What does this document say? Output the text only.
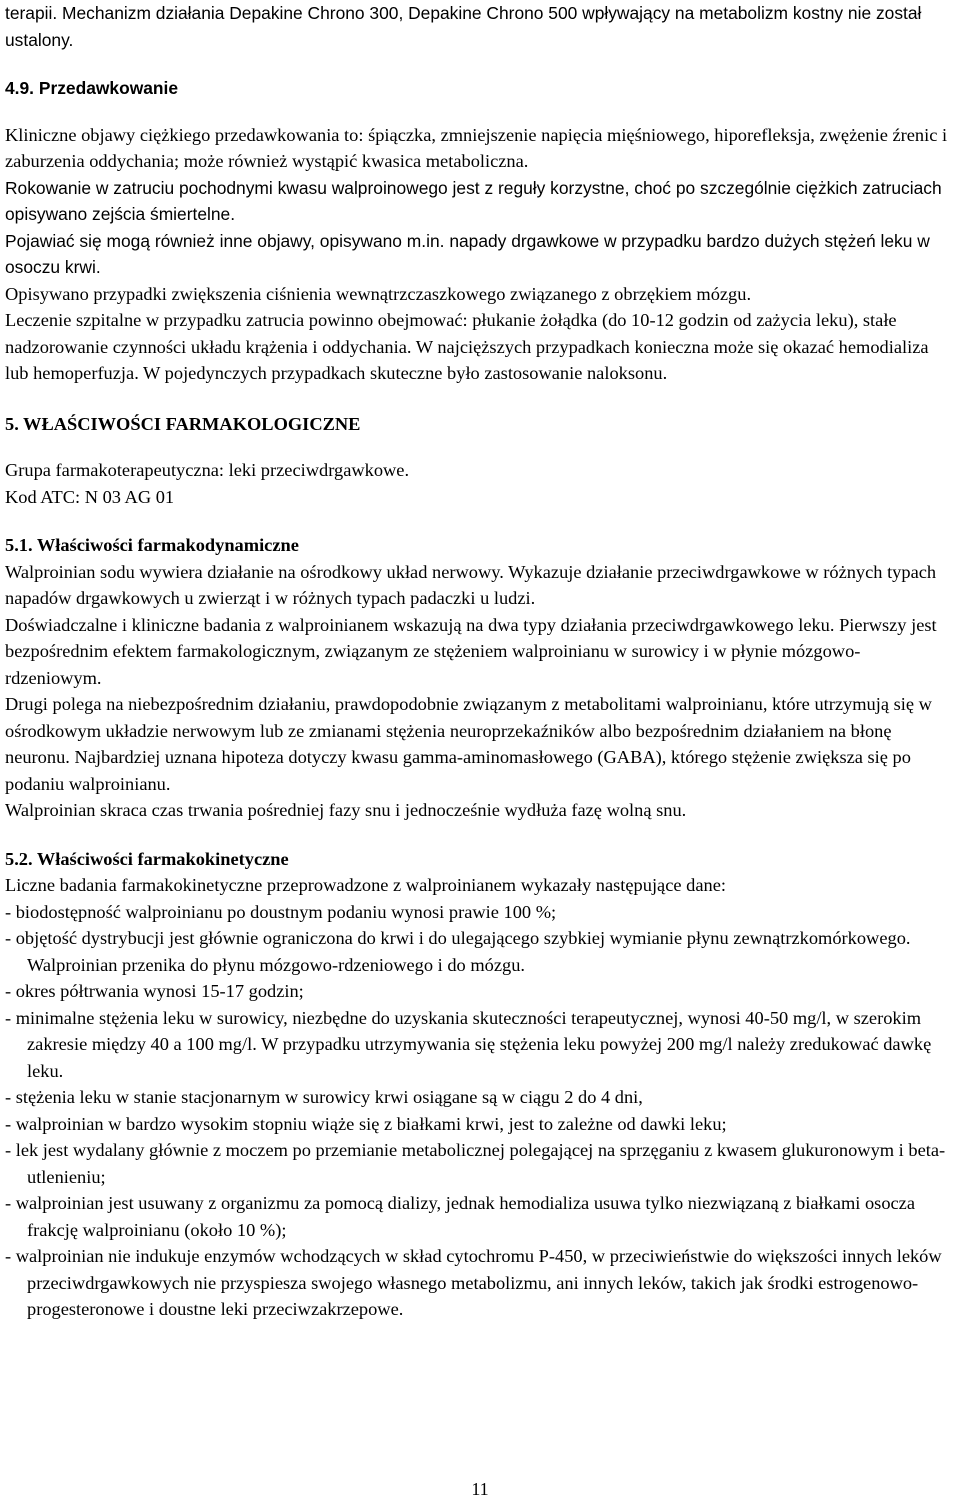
terapii. Mechanizm działania Depakine Chrono 300, Depakine Chrono 500 wpływający na metabolizm kostny nie został ustalony.

4.9. Przedawkowanie

Kliniczne objawy ciężkiego przedawkowania to: śpiączka, zmniejszenie napięcia mięśniowego, hiporefleksja, zwężenie źrenic i zaburzenia oddychania; może również wystąpić kwasica metaboliczna.

Rokowanie w zatruciu pochodnymi kwasu walproinowego jest z reguły korzystne, choć po szczególnie ciężkich zatruciach opisywano zejścia śmiertelne.

Pojawiać się mogą również inne objawy, opisywano m.in. napady drgawkowe w przypadku bardzo dużych stężeń leku w osoczu krwi.

Opisywano przypadki zwiększenia ciśnienia wewnątrzczaszkowego związanego z obrzękiem mózgu.

Leczenie szpitalne w przypadku zatrucia powinno obejmować: płukanie żołądka (do 10-12 godzin od zażycia leku), stałe nadzorowanie czynności układu krążenia i oddychania. W najcięższych przypadkach konieczna może się okazać hemodializa lub hemoperfuzja. W pojedynczych przypadkach skuteczne było zastosowanie naloksonu.

5. WŁAŚCIWOŚCI FARMAKOLOGICZNE

Grupa farmakoterapeutyczna: leki przeciwdrgawkowe.

Kod ATC: N 03 AG 01

5.1. Właściwości farmakodynamiczne

Walproinian sodu wywiera działanie na ośrodkowy układ nerwowy. Wykazuje działanie przeciwdrgawkowe w różnych typach napadów drgawkowych u zwierząt i w różnych typach padaczki u ludzi.

Doświadczalne i kliniczne badania z walproinianem wskazują na dwa typy działania przeciwdrgawkowego leku. Pierwszy jest bezpośrednim efektem farmakologicznym, związanym ze stężeniem walproinianu w surowicy i w płynie mózgowo-rdzeniowym.

Drugi polega na niebezpośrednim działaniu, prawdopodobnie związanym z metabolitami walproinianu, które utrzymują się w ośrodkowym układzie nerwowym lub ze zmianami stężenia neuroprzekaźników albo bezpośrednim działaniem na błonę neuronu. Najbardziej uznana hipoteza dotyczy kwasu gamma-aminomasłowego (GABA), którego stężenie zwiększa się po podaniu walproinianu.

Walproinian skraca czas trwania pośredniej fazy snu i jednocześnie wydłuża fazę wolną snu.

5.2. Właściwości farmakokinetyczne

Liczne badania farmakokinetyczne przeprowadzone z walproinianem wykazały następujące dane:

- biodostępność walproinianu po doustnym podaniu wynosi prawie 100 %;
- objętość dystrybucji jest głównie ograniczona do krwi i do ulegającego szybkiej wymianie płynu zewnątrzkomórkowego. Walproinian przenika do płynu mózgowo-rdzeniowego i do mózgu.
- okres półtrwania wynosi 15-17 godzin;
- minimalne stężenia leku w surowicy, niezbędne do uzyskania skuteczności terapeutycznej, wynosi 40-50 mg/l, w szerokim zakresie między 40 a 100 mg/l. W przypadku utrzymywania się stężenia leku powyżej 200 mg/l należy zredukować dawkę leku.
- stężenia leku w stanie stacjonarnym w surowicy krwi osiągane są w ciągu 2 do 4 dni,
- walproinian w bardzo wysokim stopniu wiąże się z białkami krwi, jest to zależne od dawki leku;
- lek jest wydalany głównie z moczem po przemianie metabolicznej polegającej na sprzęganiu z kwasem glukuronowym i beta-utlenieniu;
- walproinian jest usuwany z organizmu za pomocą dializy, jednak hemodializa usuwa tylko niezwiązaną z białkami osocza frakcję walproinianu (około 10 %);
- walproinian nie indukuje enzymów wchodzących w skład cytochromu P-450, w przeciwieństwie do większości innych leków przeciwdrgawkowych nie przyspiesza swojego własnego metabolizmu, ani innych leków, takich jak środki estrogenowo-progesteronowe i doustne leki przeciwzakrzepowe.
11
